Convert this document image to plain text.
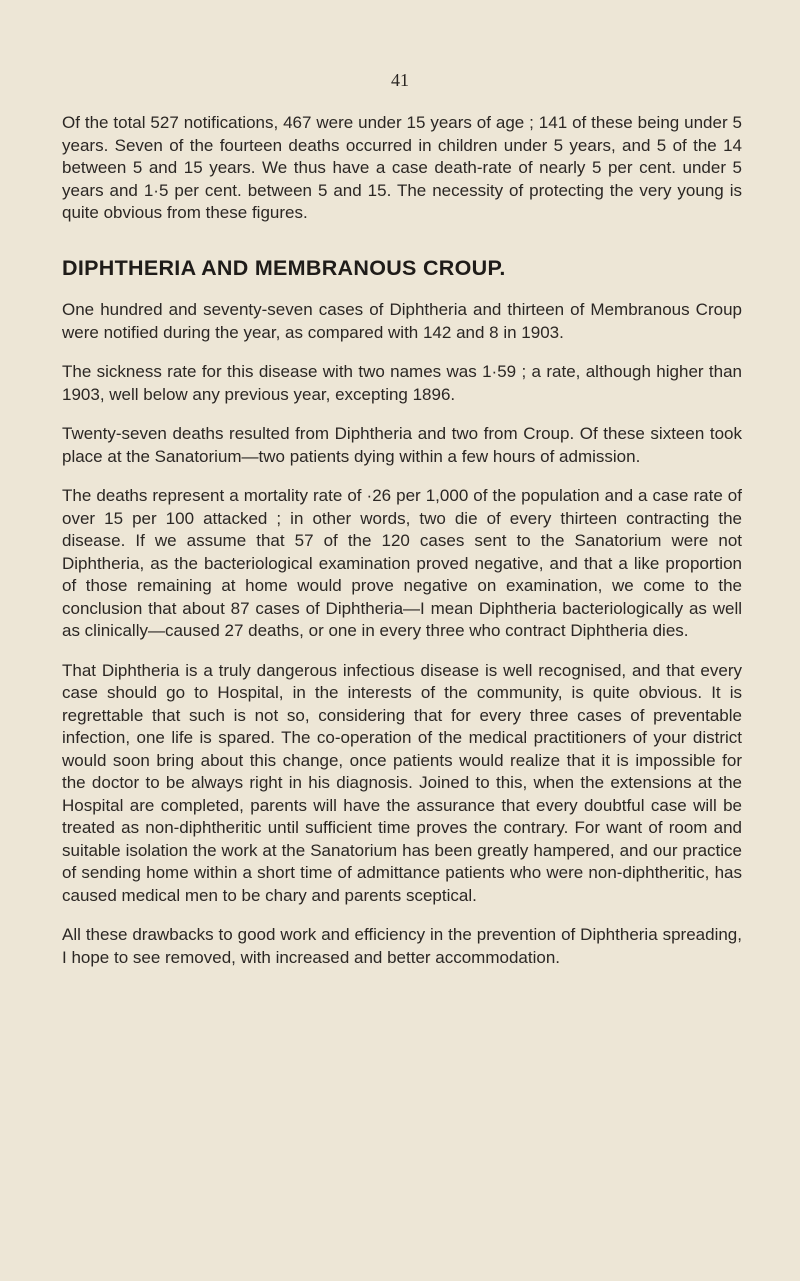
41

Of the total 527 notifications, 467 were under 15 years of age ; 141 of these being under 5 years. Seven of the fourteen deaths occurred in children under 5 years, and 5 of the 14 between 5 and 15 years. We thus have a case death-rate of nearly 5 per cent. under 5 years and 1·5 per cent. between 5 and 15. The necessity of protecting the very young is quite obvious from these figures.

DIPHTHERIA AND MEMBRANOUS CROUP.

One hundred and seventy-seven cases of Diphtheria and thirteen of Membranous Croup were notified during the year, as compared with 142 and 8 in 1903.

The sickness rate for this disease with two names was 1·59 ; a rate, although higher than 1903, well below any previous year, excepting 1896.

Twenty-seven deaths resulted from Diphtheria and two from Croup. Of these sixteen took place at the Sanatorium—two patients dying within a few hours of admission.

The deaths represent a mortality rate of ·26 per 1,000 of the population and a case rate of over 15 per 100 attacked ; in other words, two die of every thirteen contracting the disease. If we assume that 57 of the 120 cases sent to the Sanatorium were not Diphtheria, as the bacteriological examination proved negative, and that a like proportion of those remaining at home would prove negative on examination, we come to the conclusion that about 87 cases of Diphtheria—I mean Diphtheria bacteriologically as well as clinically—caused 27 deaths, or one in every three who contract Diphtheria dies.

That Diphtheria is a truly dangerous infectious disease is well recognised, and that every case should go to Hospital, in the interests of the community, is quite obvious. It is regrettable that such is not so, considering that for every three cases of preventable infection, one life is spared. The co-operation of the medical practitioners of your district would soon bring about this change, once patients would realize that it is impossible for the doctor to be always right in his diagnosis. Joined to this, when the extensions at the Hospital are completed, parents will have the assurance that every doubtful case will be treated as non-diphtheritic until sufficient time proves the contrary. For want of room and suitable isolation the work at the Sanatorium has been greatly hampered, and our practice of sending home within a short time of admittance patients who were non-diphtheritic, has caused medical men to be chary and parents sceptical.

All these drawbacks to good work and efficiency in the prevention of Diphtheria spreading, I hope to see removed, with increased and better accommodation.
